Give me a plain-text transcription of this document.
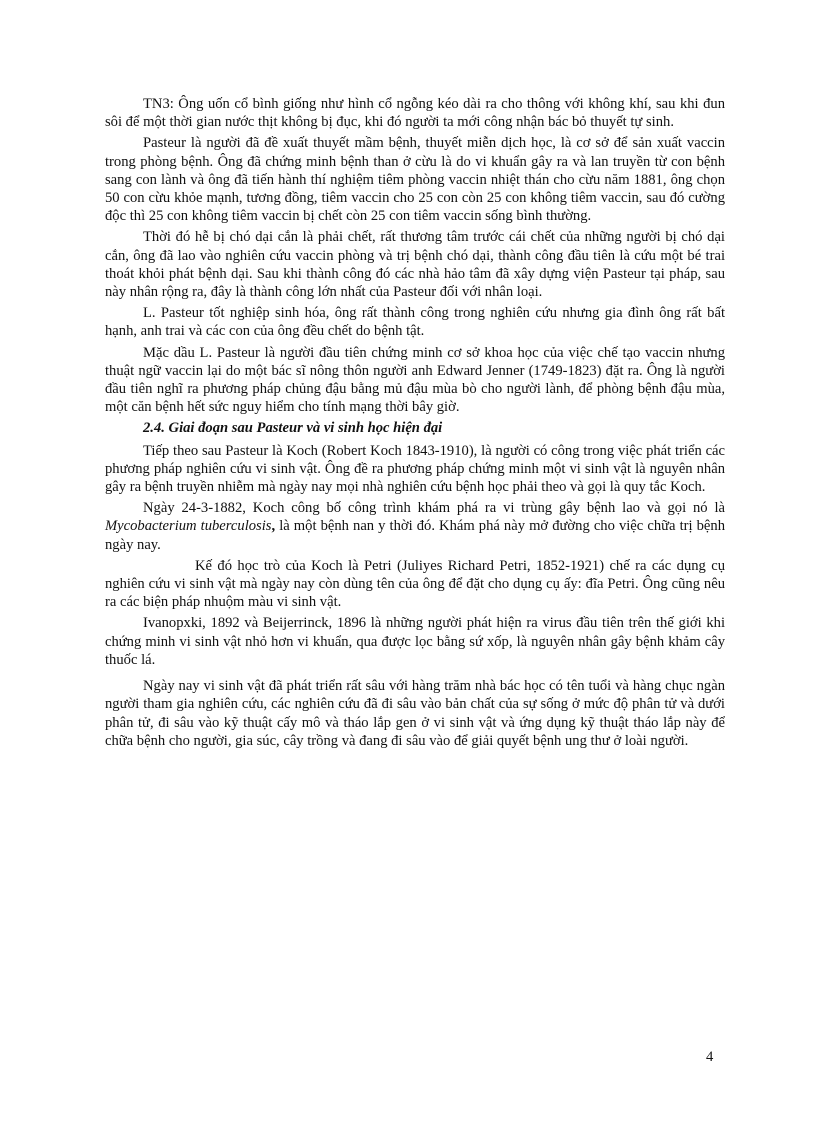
TN3: Ông uốn cổ bình giống như hình cổ ngỗng kéo dài ra cho thông với không khí, sau khi đun sôi để một thời gian nước thịt không bị đục, khi đó người ta mới công nhận bác bỏ thuyết tự sinh.

Pasteur là người đã đề xuất thuyết mầm bệnh, thuyết miễn dịch học, là cơ sở để sản xuất vaccin trong phòng bệnh. Ông đã chứng minh bệnh than ở cừu là do vi khuẩn gây ra và lan truyền từ con bệnh sang con lành và ông đã tiến hành thí nghiệm tiêm phòng vaccin nhiệt thán cho cừu năm 1881, ông chọn 50 con cừu khỏe mạnh, tương đồng, tiêm vaccin cho 25 con còn 25 con không tiêm vaccin, sau đó cường độc thì 25 con không tiêm vaccin bị chết còn 25 con tiêm vaccin sống bình thường.

Thời đó hễ bị chó dại cắn là phải chết, rất thương tâm trước cái chết của những người bị chó dại cắn, ông đã lao vào nghiên cứu vaccin phòng và trị bệnh chó dại, thành công đầu tiên là cứu một bé trai thoát khỏi phát bệnh dại. Sau khi thành công đó các nhà hảo tâm đã xây dựng viện Pasteur tại pháp, sau này nhân rộng ra, đây là thành công lớn nhất của Pasteur đối với nhân loại.

L. Pasteur tốt nghiệp sinh hóa, ông rất thành công trong nghiên cứu nhưng gia đình ông rất bất hạnh, anh trai và các con của ông đều chết do bệnh tật.

Mặc dầu L. Pasteur là người đầu tiên chứng minh cơ sở khoa học của việc chế tạo vaccin nhưng thuật ngữ vaccin lại do một bác sĩ nông thôn người anh Edward Jenner (1749-1823) đặt ra. Ông là người đầu tiên nghĩ ra phương pháp chủng đậu bằng mủ đậu mùa bò cho người lành, để phòng bệnh đậu mùa, một căn bệnh hết sức nguy hiểm cho tính mạng thời bây giờ.

2.4. Giai đoạn sau Pasteur và vi sinh học hiện đại

Tiếp theo sau Pasteur là Koch (Robert Koch 1843-1910), là người có công trong việc phát triển các phương pháp nghiên cứu vi sinh vật. Ông đề ra phương pháp chứng minh một vi sinh vật là nguyên nhân gây ra bệnh truyền nhiễm mà ngày nay mọi nhà nghiên cứu bệnh học phải theo và gọi là quy tắc Koch.

Ngày 24-3-1882, Koch công bố công trình khám phá ra vi trùng gây bệnh lao và gọi nó là Mycobacterium tuberculosis, là một bệnh nan y thời đó. Khám phá này mở đường cho việc chữa trị bệnh ngày nay.

Kế đó học trò của Koch là Petri (Juliyes Richard Petri, 1852-1921) chế ra các dụng cụ nghiên cứu vi sinh vật mà ngày nay còn dùng tên của ông để đặt cho dụng cụ ấy: đĩa Petri. Ông cũng nêu ra các biện pháp nhuộm màu vi sinh vật.

Ivanopxki, 1892 và Beijerrinck, 1896 là những người phát hiện ra virus đầu tiên trên thế giới khi chứng minh vi sinh vật nhỏ hơn vi khuẩn, qua được lọc bằng sứ xốp, là nguyên nhân gây bệnh khảm cây thuốc lá.

Ngày nay vi sinh vật đã phát triển rất sâu với hàng trăm nhà bác học có tên tuổi và hàng chục ngàn người tham gia nghiên cứu, các nghiên cứu đã đi sâu vào bản chất của sự sống ở mức độ phân tử và dưới phân tử, đi sâu vào kỹ thuật cấy mô và tháo lắp gen ở vi sinh vật và ứng dụng kỹ thuật tháo lắp này để chữa bệnh cho người, gia súc, cây trồng và đang đi sâu vào để giải quyết bệnh ung thư ở loài người.

4
